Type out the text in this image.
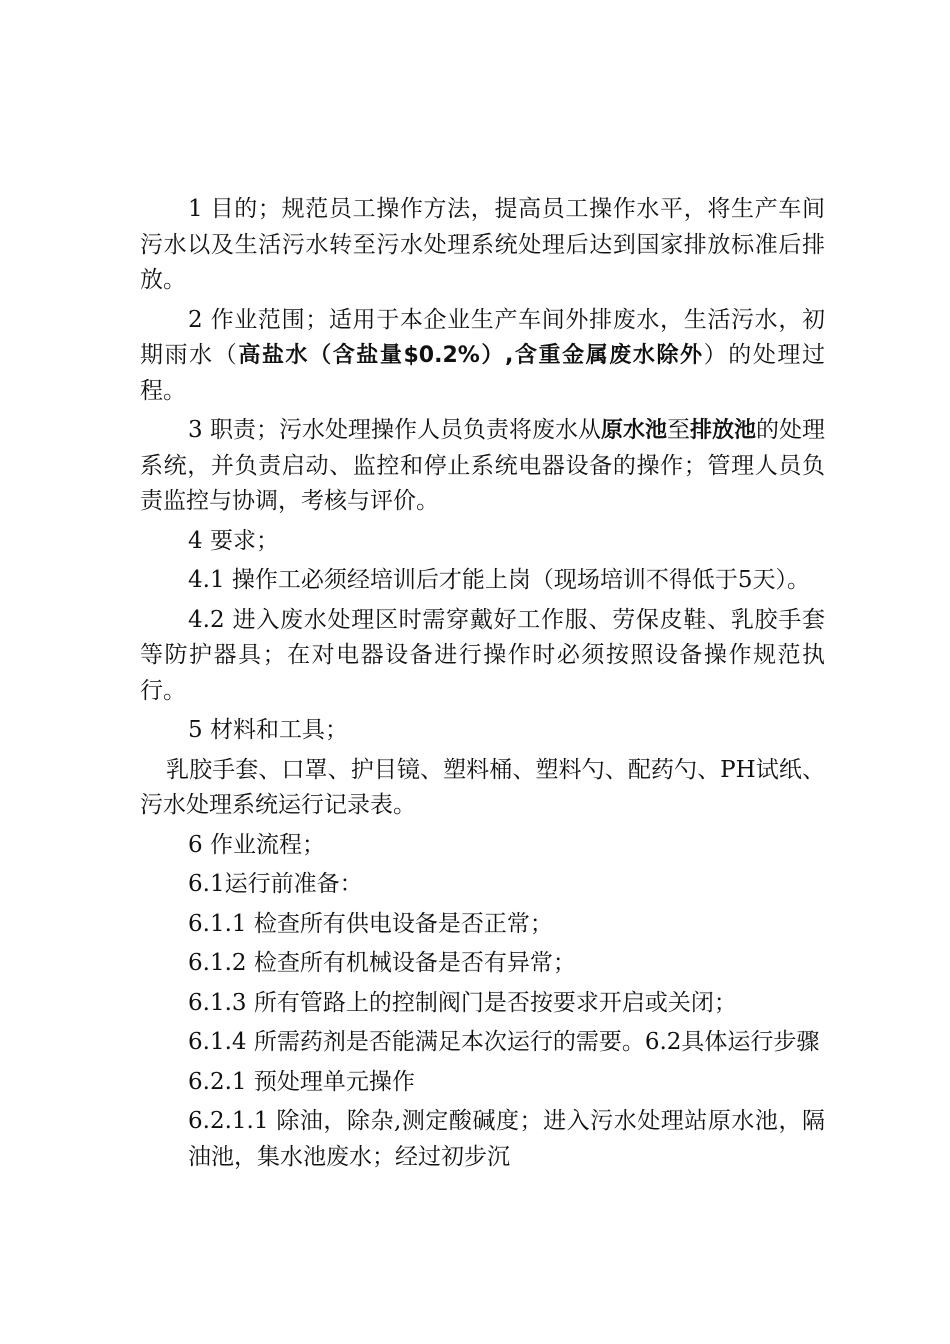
1 目的；规范员工操作方法，提高员工操作水平，将生产车间污水以及生活污水转至污水处理系统处理后达到国家排放标准后排放。

2 作业范围；适用于本企业生产车间外排废水，生活污水，初期雨水（高盐水（含盐量$0.2%）,含重金属废水除外）的处理过程。

3 职责；污水处理操作人员负责将废水从原水池至排放池的处理系统，并负责启动、监控和停止系统电器设备的操作；管理人员负责监控与协调，考核与评价。

4 要求；

4.1 操作工必须经培训后才能上岗（现场培训不得低于5天）。

4.2 进入废水处理区时需穿戴好工作服、劳保皮鞋、乳胶手套等防护器具；在对电器设备进行操作时必须按照设备操作规范执行。

5 材料和工具；

乳胶手套、口罩、护目镜、塑料桶、塑料勺、配药勺、PH试纸、污水处理系统运行记录表。

6 作业流程；

6.1运行前准备：

6.1.1 检查所有供电设备是否正常；

6.1.2 检查所有机械设备是否有异常；

6.1.3 所有管路上的控制阀门是否按要求开启或关闭；

6.1.4 所需药剂是否能满足本次运行的需要。6.2具体运行步骤

6.2.1 预处理单元操作

6.2.1.1 除油，除杂,测定酸碱度；进入污水处理站原水池，隔油池，集水池废水；经过初步沉
